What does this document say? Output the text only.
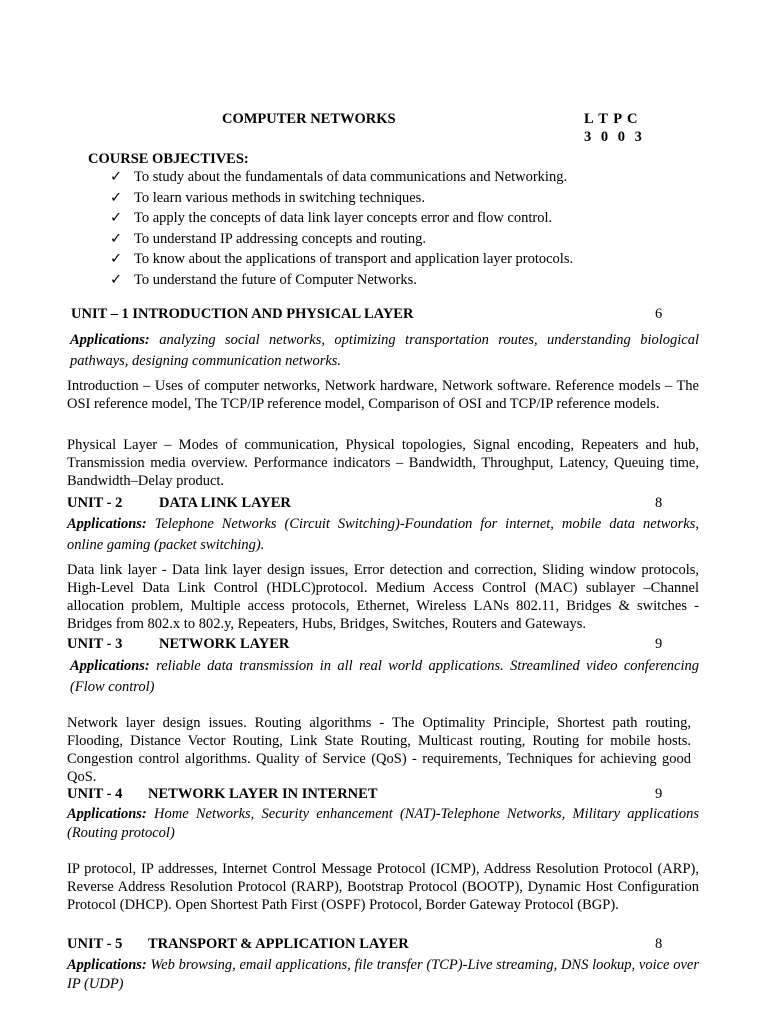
COMPUTER NETWORKS	L T P C
3 0 0 3
COURSE OBJECTIVES:
✓ To study about the fundamentals of data communications and Networking.
✓ To learn various methods in switching techniques.
✓ To apply the concepts of data link layer concepts error and flow control.
✓ To understand IP addressing concepts and routing.
✓ To know about the applications of transport and application layer protocols.
✓ To understand the future of Computer Networks.
UNIT – 1 INTRODUCTION AND PHYSICAL LAYER	6
Applications: analyzing social networks, optimizing transportation routes, understanding biological pathways, designing communication networks.
Introduction – Uses of computer networks, Network hardware, Network software. Reference models – The OSI reference model, The TCP/IP reference model, Comparison of OSI and TCP/IP reference models.
Physical Layer – Modes of communication, Physical topologies, Signal encoding, Repeaters and hub, Transmission media overview. Performance indicators – Bandwidth, Throughput, Latency, Queuing time, Bandwidth–Delay product.
UNIT - 2	DATA LINK LAYER	8
Applications: Telephone Networks (Circuit Switching)-Foundation for internet, mobile data networks, online gaming (packet switching).
Data link layer - Data link layer design issues, Error detection and correction, Sliding window protocols, High-Level Data Link Control (HDLC)protocol. Medium Access Control (MAC) sublayer –Channel allocation problem, Multiple access protocols, Ethernet, Wireless LANs 802.11, Bridges & switches - Bridges from 802.x to 802.y, Repeaters, Hubs, Bridges, Switches, Routers and Gateways.
UNIT - 3	NETWORK LAYER	9
Applications: reliable data transmission in all real world applications. Streamlined video conferencing (Flow control)
Network layer design issues. Routing algorithms - The Optimality Principle, Shortest path routing, Flooding, Distance Vector Routing, Link State Routing, Multicast routing, Routing for mobile hosts. Congestion control algorithms. Quality of Service (QoS) - requirements, Techniques for achieving good QoS.
UNIT - 4 NETWORK LAYER IN INTERNET	9
Applications: Home Networks, Security enhancement (NAT)-Telephone Networks, Military applications (Routing protocol)
IP protocol, IP addresses, Internet Control Message Protocol (ICMP), Address Resolution Protocol (ARP), Reverse Address Resolution Protocol (RARP), Bootstrap Protocol (BOOTP), Dynamic Host Configuration Protocol (DHCP). Open Shortest Path First (OSPF) Protocol, Border Gateway Protocol (BGP).
UNIT - 5 TRANSPORT & APPLICATION LAYER	8
Applications: Web browsing, email applications, file transfer (TCP)-Live streaming, DNS lookup, voice over IP (UDP)
